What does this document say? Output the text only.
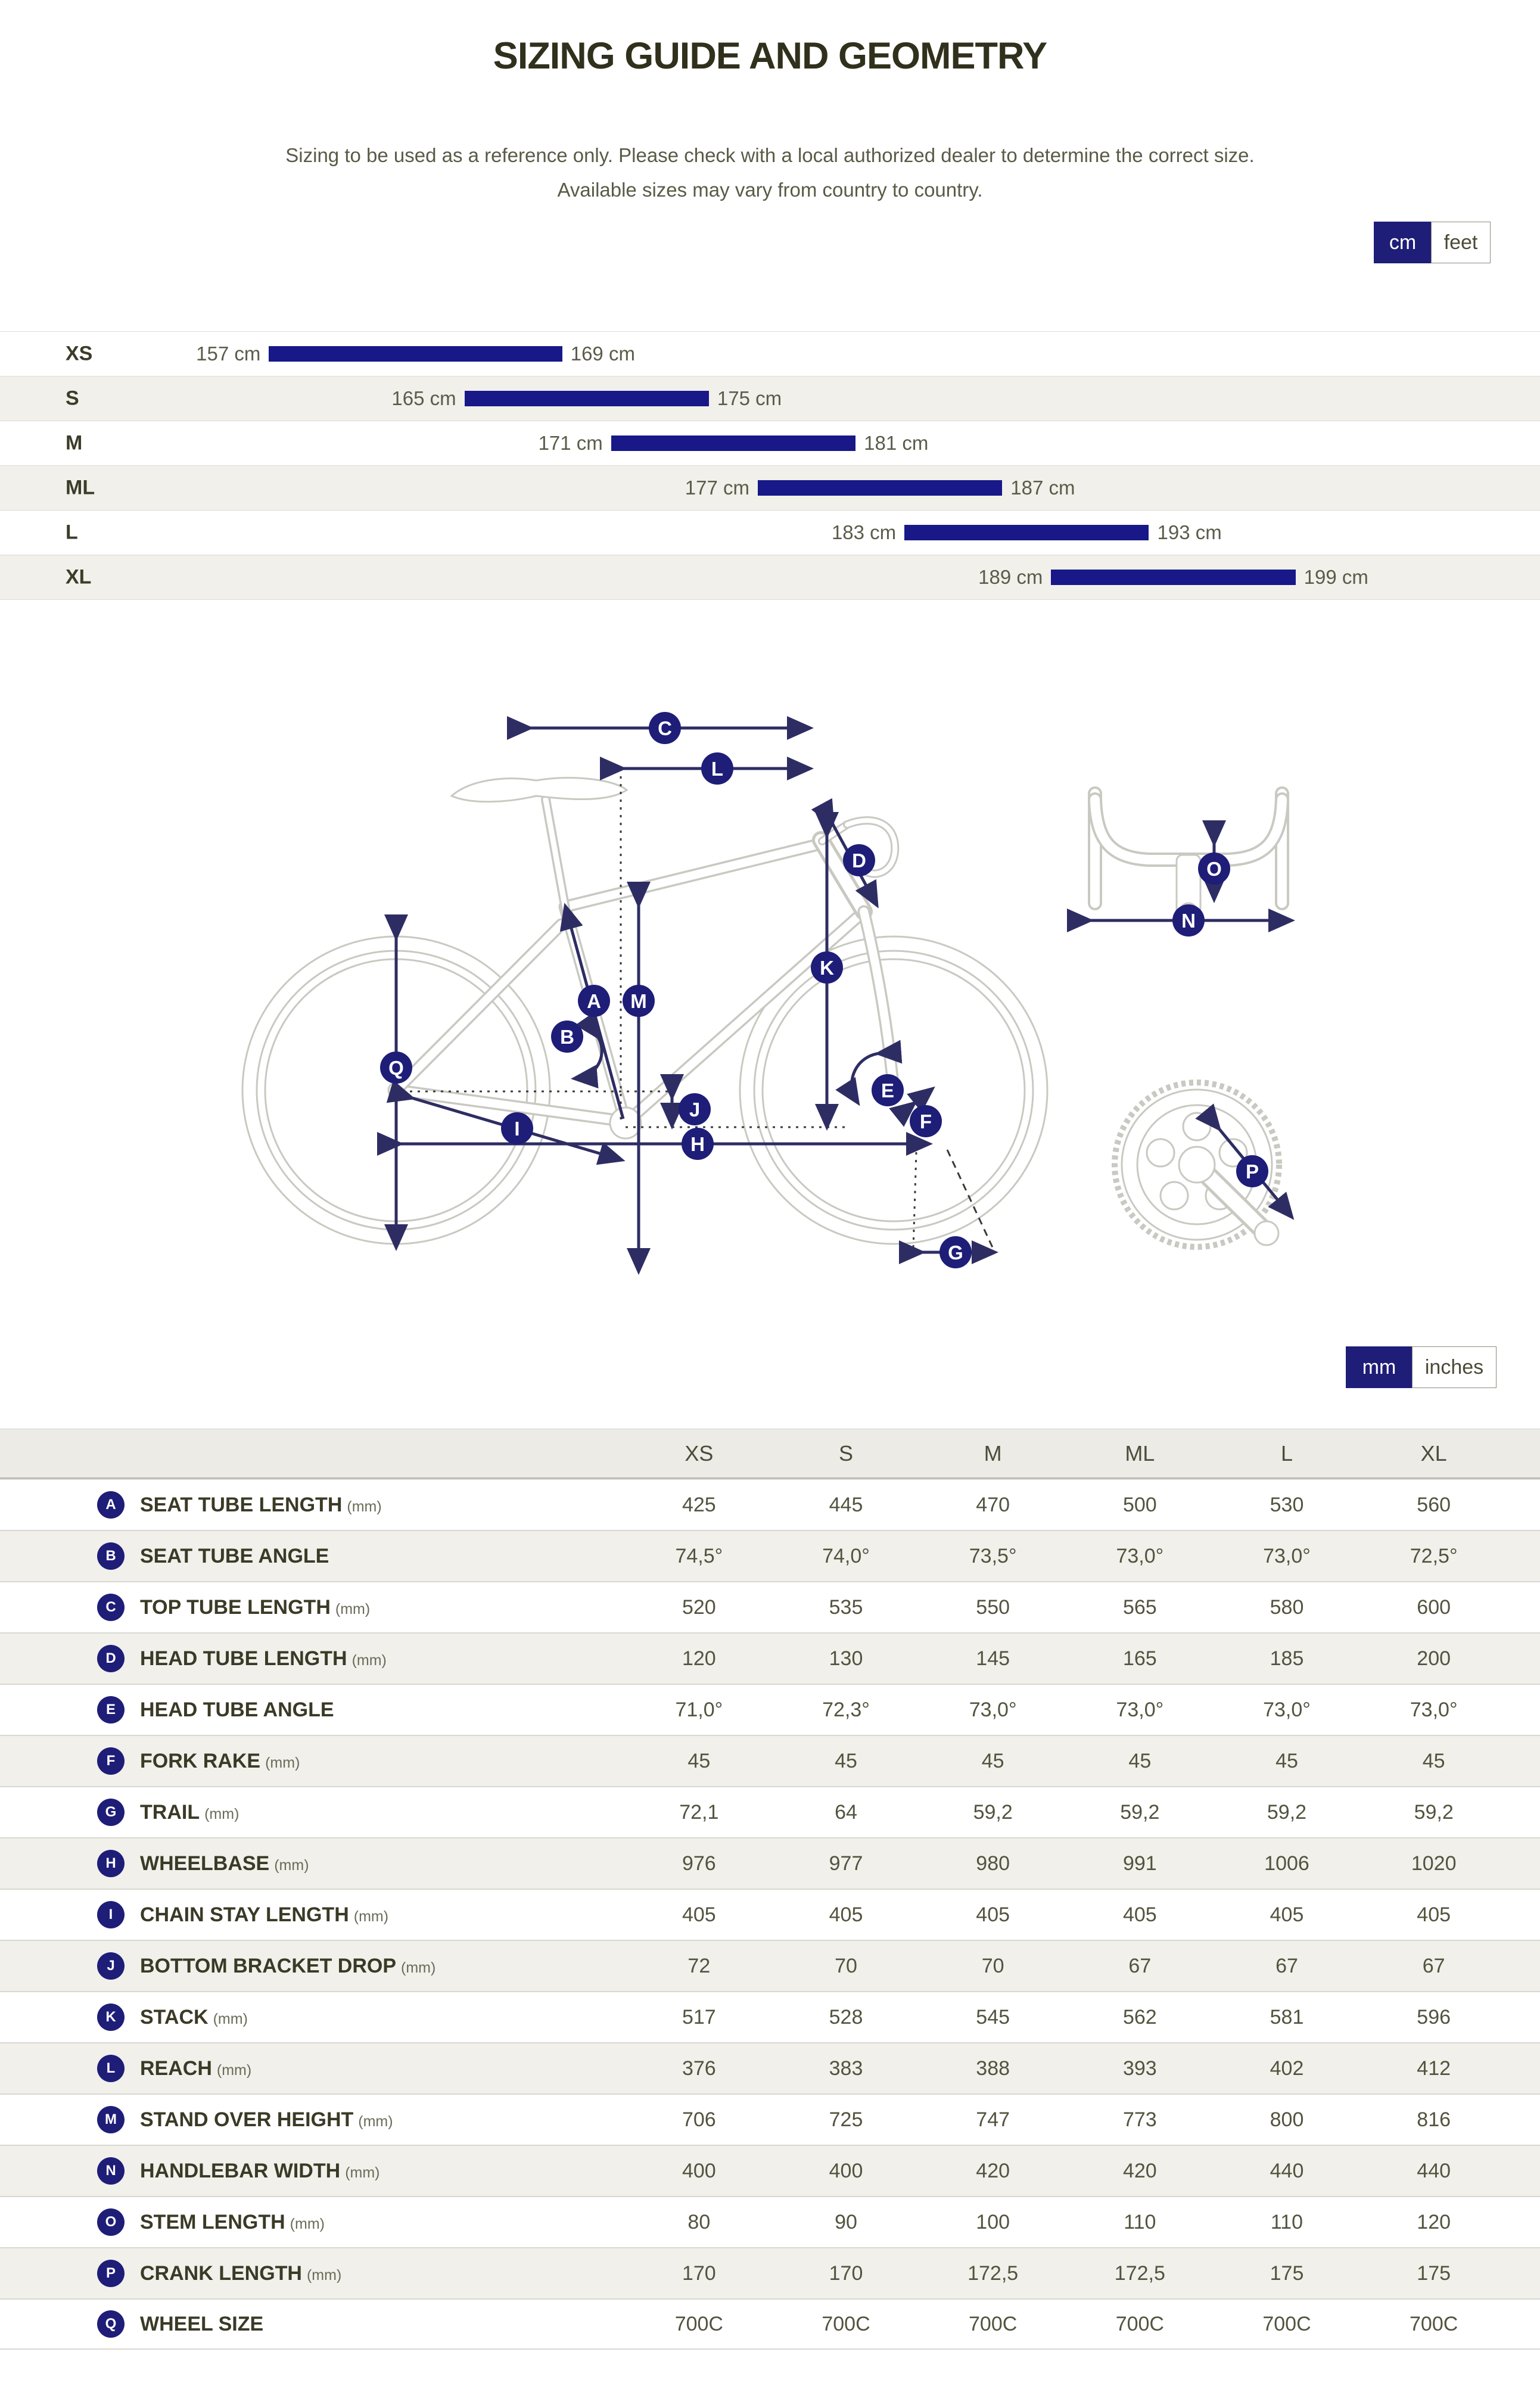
SIZING GUIDE AND GEOMETRY
Sizing to be used as a reference only. Please check with a local authorized dealer to determine the correct size.
Available sizes may vary from country to country.
cm	feet
XS	157 cm	169 cm
S	165 cm	175 cm
M	171 cm	181 cm
ML	177 cm	187 cm
L	183 cm	193 cm
XL	189 cm	199 cm
A
B
C
D
E
F
G
H
I
J
K
L
M
N
O
P
Q
mm	inches
XS	S	M	ML	L	XL
A	SEAT TUBE LENGTH (mm)	425	445	470	500	530	560
B	SEAT TUBE ANGLE	74,5°	74,0°	73,5°	73,0°	73,0°	72,5°
C	TOP TUBE LENGTH (mm)	520	535	550	565	580	600
D	HEAD TUBE LENGTH (mm)	120	130	145	165	185	200
E	HEAD TUBE ANGLE	71,0°	72,3°	73,0°	73,0°	73,0°	73,0°
F	FORK RAKE (mm)	45	45	45	45	45	45
G	TRAIL (mm)	72,1	64	59,2	59,2	59,2	59,2
H	WHEELBASE (mm)	976	977	980	991	1006	1020
I	CHAIN STAY LENGTH (mm)	405	405	405	405	405	405
J	BOTTOM BRACKET DROP (mm)	72	70	70	67	67	67
K	STACK (mm)	517	528	545	562	581	596
L	REACH (mm)	376	383	388	393	402	412
M	STAND OVER HEIGHT (mm)	706	725	747	773	800	816
N	HANDLEBAR WIDTH (mm)	400	400	420	420	440	440
O	STEM LENGTH (mm)	80	90	100	110	110	120
P	CRANK LENGTH (mm)	170	170	172,5	172,5	175	175
Q	WHEEL SIZE	700C	700C	700C	700C	700C	700C
